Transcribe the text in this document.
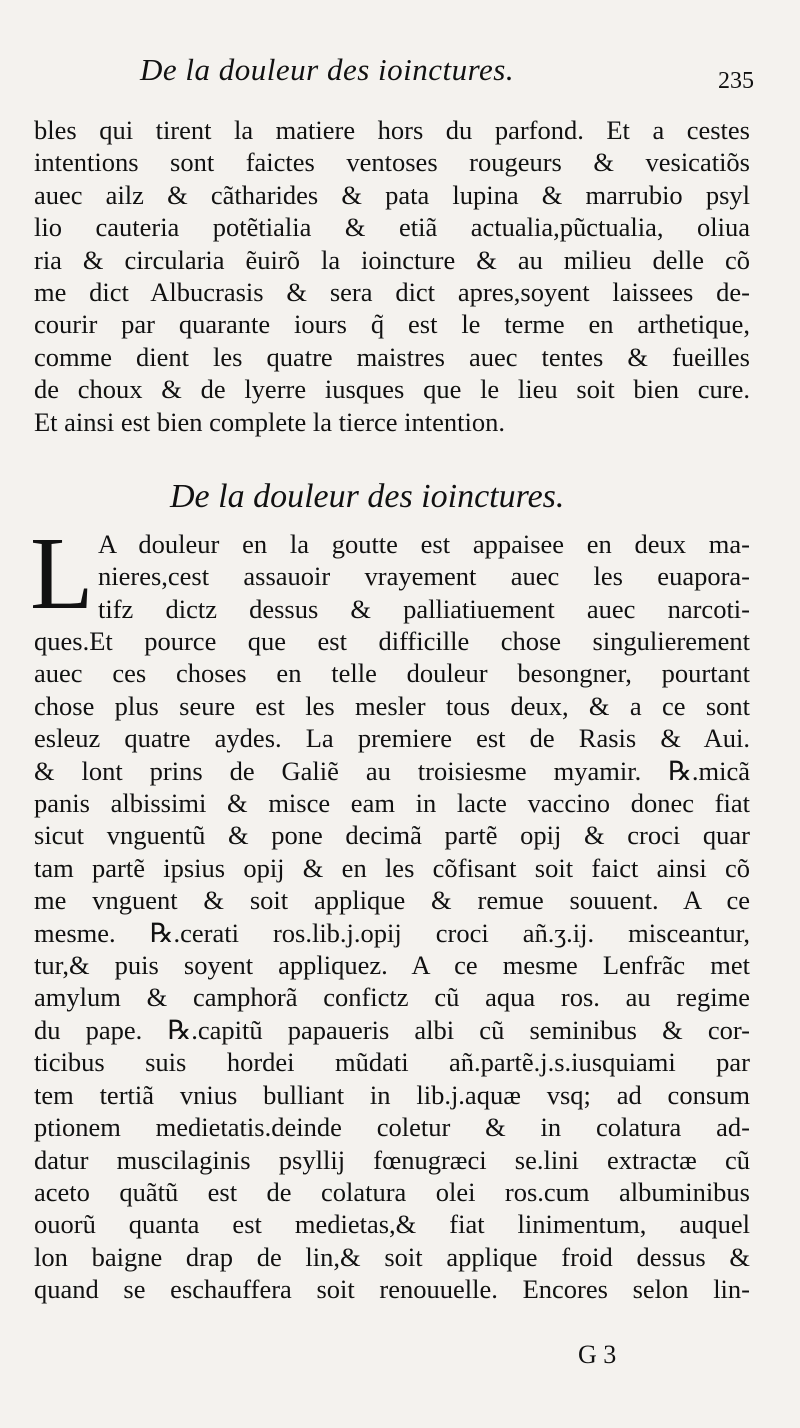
De la douleur des ioinctures.	235
bles qui tirent la matiere hors du parfond. Et a cestes
intentions sont faictes ventoses rougeurs & vesicatiõs
auec ailz & cãtharides & pata lupina & marrubio psyl
lio cauteria potẽtialia & etiã actualia,pũctualia, oliua
ria & circularia ẽuirõ la ioincture & au milieu delle cõ
me dict Albucrasis & sera dict apres,soyent laissees de-
courir par quarante iours q̃ est le terme en arthetique,
comme dient les quatre maistres auec tentes & fueilles
de choux & de lyerre iusques que le lieu soit bien cure.
Et ainsi est bien complete la tierce intention.
De la douleur des ioinctures.
L A douleur en la goutte est appaisee en deux ma-
nieres,cest assauoir vrayement auec les euapora-
tifz dictz dessus & palliatiuement auec narcoti-
ques.Et pource que est difficille chose singulierement
auec ces choses en telle douleur besongner, pourtant
chose plus seure est les mesler tous deux, & a ce sont
esleuz quatre aydes. La premiere est de Rasis & Aui.
& lont prins de Galiẽ au troisiesme myamir. ℞.micã
panis albissimi & misce eam in lacte vaccino donec fiat
sicut vnguentũ & pone decimã partẽ opij & croci quar
tam partẽ ipsius opij & en les cõfisant soit faict ainsi cõ
me vnguent & soit applique & remue souuent. A ce
mesme. ℞.cerati ros.lib.j.opij croci añ.ʒ.ij. misceantur,
tur,& puis soyent appliquez. A ce mesme Lenfrãc met
amylum & camphorã confictz cũ aqua ros. au regime
du pape. ℞.capitũ papaueris albi cũ seminibus & cor-
ticibus suis hordei mũdati añ.partẽ.j.s.iusquiami par
tem tertiã vnius bulliant in lib.j.aquæ vsq; ad consum
ptionem medietatis.deinde coletur & in colatura ad-
datur muscilaginis psyllij fœnugræci se.lini extractæ cũ
aceto quãtũ est de colatura olei ros.cum albuminibus
ouorũ quanta est medietas,& fiat linimentum, auquel
lon baigne drap de lin,& soit applique froid dessus &
quand se eschauffera soit renouuelle. Encores selon lin-
G 3
